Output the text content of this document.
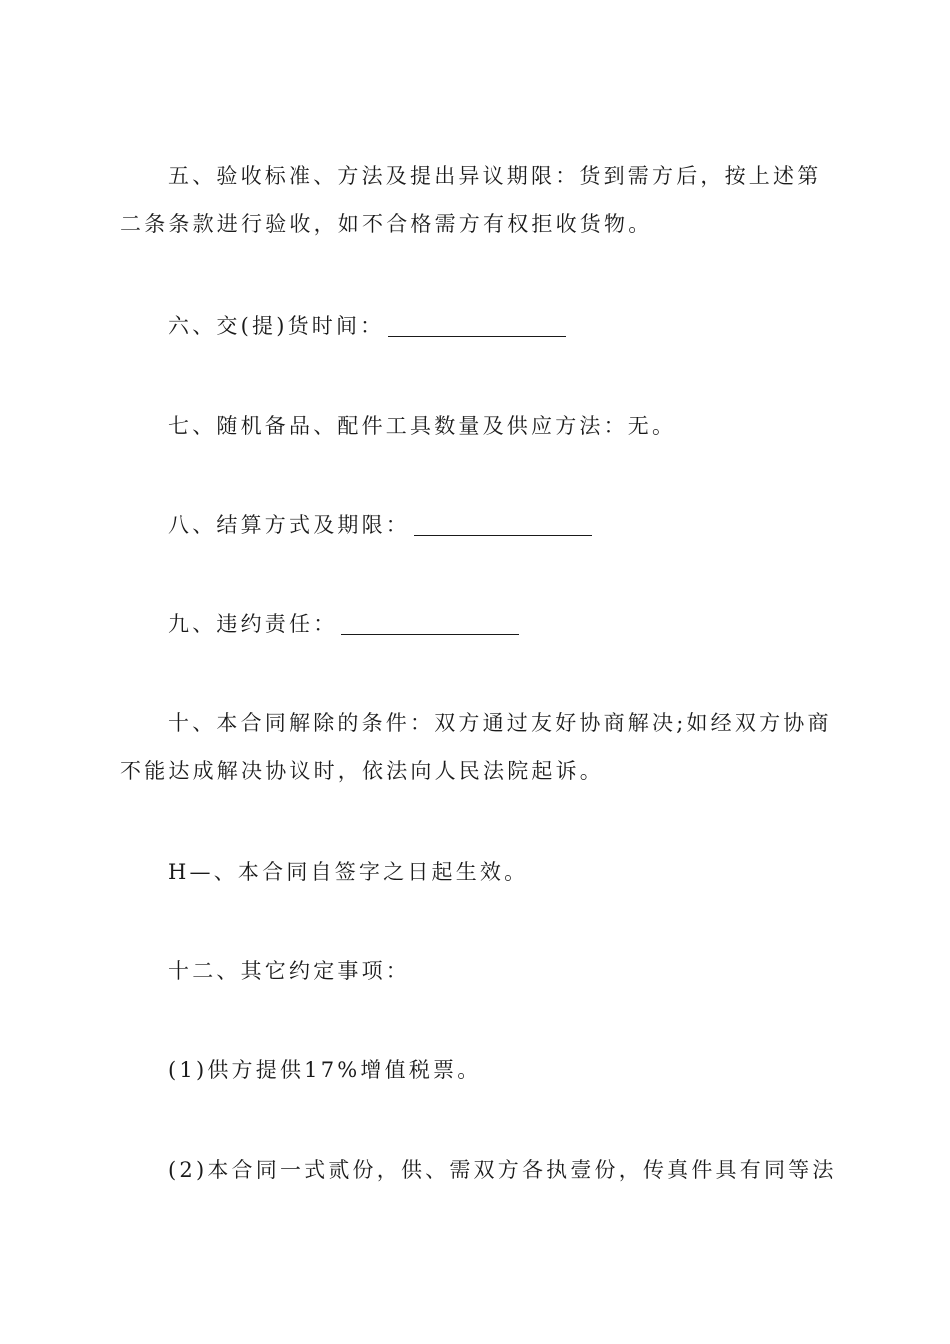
五、验收标准、方法及提出异议期限：货到需方后，按上述第二条条款进行验收，如不合格需方有权拒收货物。

六、交(提)货时间：

七、随机备品、配件工具数量及供应方法：无。

八、结算方式及期限：

九、违约责任：

十、本合同解除的条件：双方通过友好协商解决;如经双方协商不能达成解决协议时，依法向人民法院起诉。

H—、本合同自签字之日起生效。

十二、其它约定事项：

(1)供方提供17%增值税票。

(2)本合同一式贰份，供、需双方各执壹份，传真件具有同等法
